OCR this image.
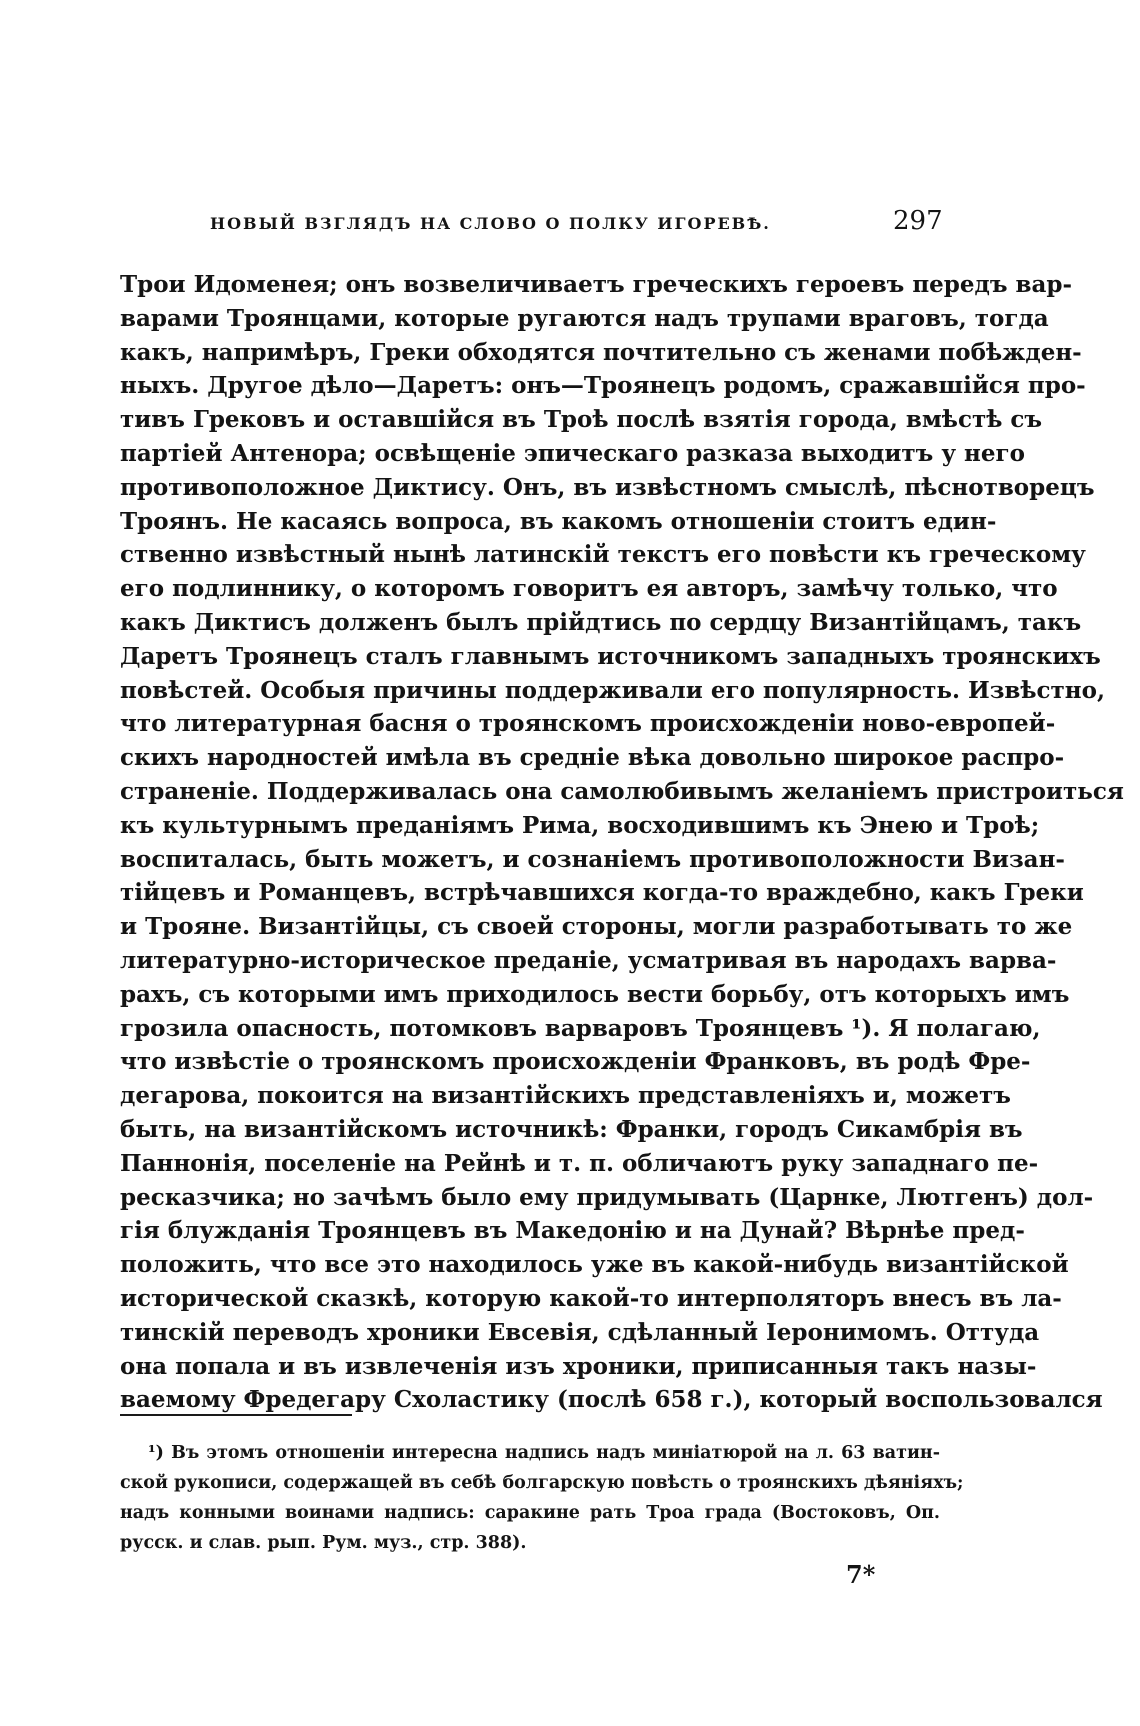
НОВЫЙ ВЗГЛЯДЪ НА СЛОВО О ПОЛКУ ИГОРЕВѢ.	297
Трои Идоменея; онъ возвеличиваетъ греческихъ героевъ передъ вар-
варами Троянцами, которые ругаются надъ трупами враговъ, тогда
какъ, напримѣръ, Греки обходятся почтительно съ женами побѣжден-
ныхъ. Другое дѣло—Даретъ: онъ—Троянецъ родомъ, сражавшійся про-
тивъ Грековъ и оставшійся въ Троѣ послѣ взятія города, вмѣстѣ съ
партіей Антенора; освѣщеніе эпическаго разказа выходитъ у него
противоположное Диктису. Онъ, въ извѣстномъ смыслѣ, пѣснотворецъ
Троянъ. Не касаясь вопроса, въ какомъ отношеніи стоитъ един-
ственно извѣстный нынѣ латинскій текстъ его повѣсти къ греческому
его подлиннику, о которомъ говоритъ ея авторъ, замѣчу только, что
какъ Диктисъ долженъ былъ прійдтись по сердцу Византійцамъ, такъ
Даретъ Троянецъ сталъ главнымъ источникомъ западныхъ троянскихъ
повѣстей. Особыя причины поддерживали его популярность. Извѣстно,
что литературная басня о троянскомъ происхожденіи ново-европей-
скихъ народностей имѣла въ средніе вѣка довольно широкое распро-
страненіе. Поддерживалась она самолюбивымъ желаніемъ пристроиться
къ культурнымъ преданіямъ Рима, восходившимъ къ Энею и Троѣ;
воспиталась, быть можетъ, и сознаніемъ противоположности Визан-
тійцевъ и Романцевъ, встрѣчавшихся когда-то враждебно, какъ Греки
и Трояне. Византійцы, съ своей стороны, могли разработывать то же
литературно-историческое преданіе, усматривая въ народахъ варва-
рахъ, съ которыми имъ приходилось вести борьбу, отъ которыхъ имъ
грозила опасность, потомковъ варваровъ Троянцевъ ¹). Я полагаю,
что извѣстіе о троянскомъ происхожденіи Франковъ, въ родѣ Фре-
дегарова, покоится на византійскихъ представленіяхъ и, можетъ
быть, на византійскомъ источникѣ: Франки, городъ Сикамбрія въ
Паннонія, поселеніе на Рейнѣ и т. п. обличаютъ руку западнаго пе-
ресказчика; но зачѣмъ было ему придумывать (Царнке, Лютгенъ) дол-
гія блужданія Троянцевъ въ Македонію и на Дунай? Вѣрнѣе пред-
положить, что все это находилось уже въ какой-нибудь византійской
исторической сказкѣ, которую какой-то интерполяторъ внесъ въ ла-
тинскій переводъ хроники Евсевія, сдѣланный Іеронимомъ. Оттуда
она попала и въ извлеченія изъ хроники, приписанныя такъ назы-
ваемому Фредегару Схоластику (послѣ 658 г.), который воспользовался
¹) Въ этомъ отношеніи интересна надпись надъ миніатюрой на л. 63 ватин-
ской рукописи, содержащей въ себѣ болгарскую повѣсть о троянскихъ дѣяніяхъ;
надъ конными воинами надпись: саракине рать Троа града (Востоковъ, Оп.
русск. и слав. рып. Рум. муз., стр. 388).
7*
